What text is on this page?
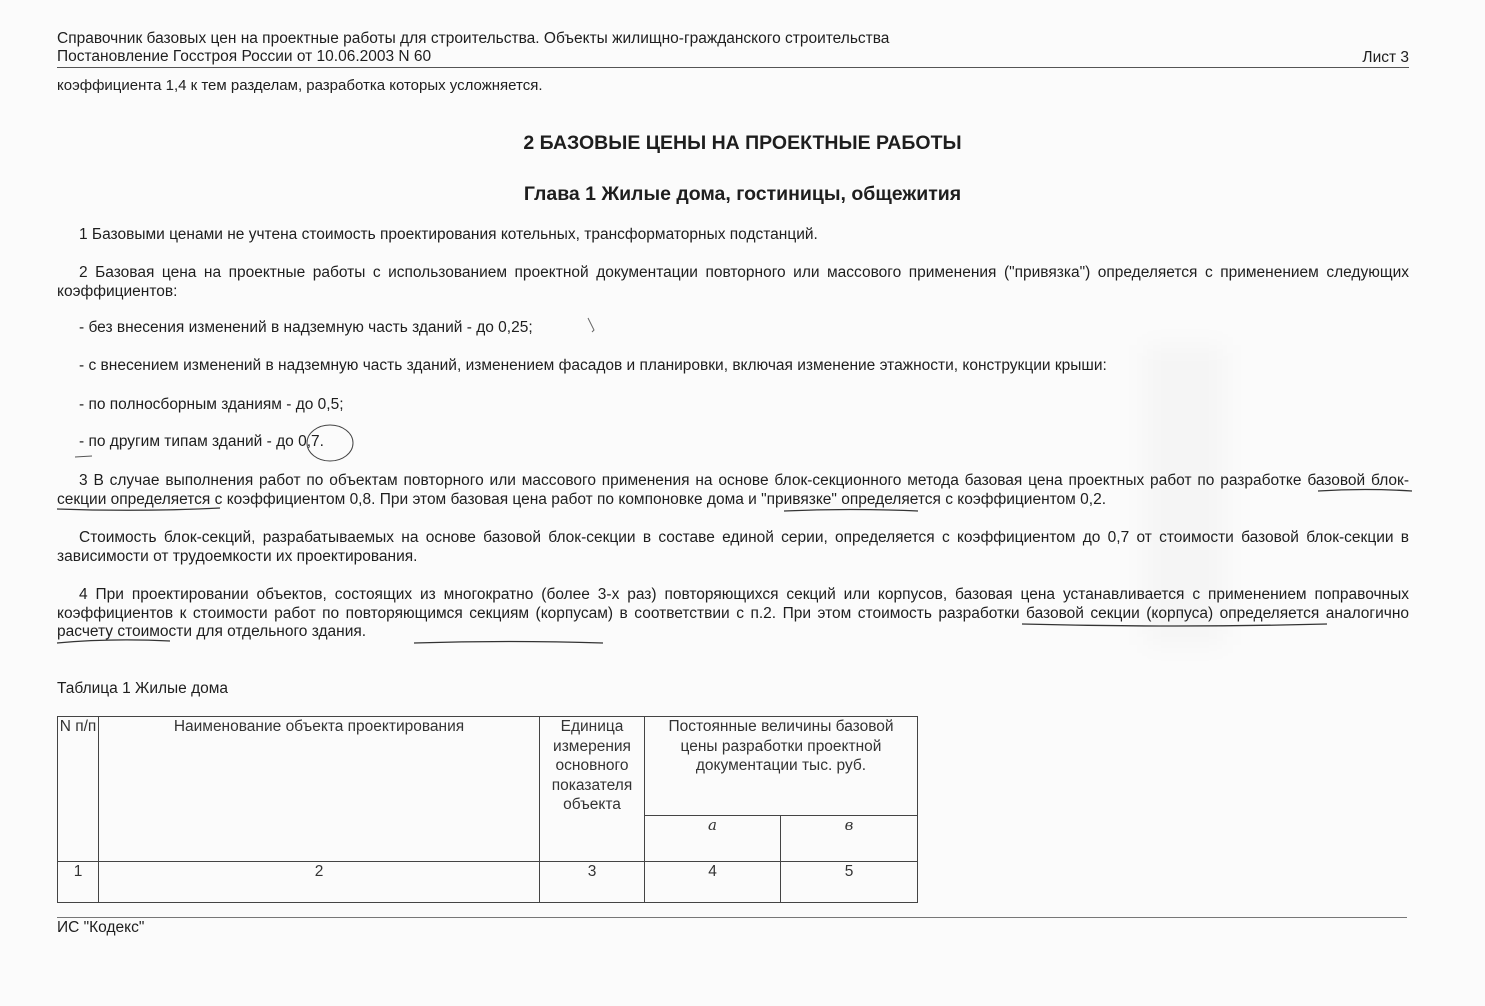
Справочник базовых цен на проектные работы для строительства. Объекты жилищно-гражданского строительства
Постановление Госстроя России от 10.06.2003 N 60	Лист 3
коэффициента 1,4 к тем разделам, разработка которых усложняется.
2 БАЗОВЫЕ ЦЕНЫ НА ПРОЕКТНЫЕ РАБОТЫ
Глава 1 Жилые дома, гостиницы, общежития
1 Базовыми ценами не учтена стоимость проектирования котельных, трансформаторных подстанций.
2 Базовая цена на проектные работы с использованием проектной документации повторного или массового применения ("привязка") определяется с применением следующих коэффициентов:
- без внесения изменений в надземную часть зданий - до 0,25;
- с внесением изменений в надземную часть зданий, изменением фасадов и планировки, включая изменение этажности, конструкции крыши:
- по полносборным зданиям - до 0,5;
- по другим типам зданий - до 0,7.
3 В случае выполнения работ по объектам повторного или массового применения на основе блок-секционного метода базовая цена проектных работ по разработке базовой блок-секции определяется с коэффициентом 0,8. При этом базовая цена работ по компоновке дома и "привязке" определяется с коэффициентом 0,2.
Стоимость блок-секций, разрабатываемых на основе базовой блок-секции в составе единой серии, определяется с коэффициентом до 0,7 от стоимости базовой блок-секции в зависимости от трудоемкости их проектирования.
4 При проектировании объектов, состоящих из многократно (более 3-х раз) повторяющихся секций или корпусов, базовая цена устанавливается с применением поправочных коэффициентов к стоимости работ по повторяющимся секциям (корпусам) в соответствии с п.2. При этом стоимость разработки базовой секции (корпуса) определяется аналогично расчету стоимости для отдельного здания.
Таблица 1 Жилые дома
N п/п	Наименование объекта проектирования	Единица измерения основного показателя объекта	Постоянные величины базовой цены разработки проектной документации тыс. руб.	
			а	в
1	2	3	4	5
ИС "Кодекс"
